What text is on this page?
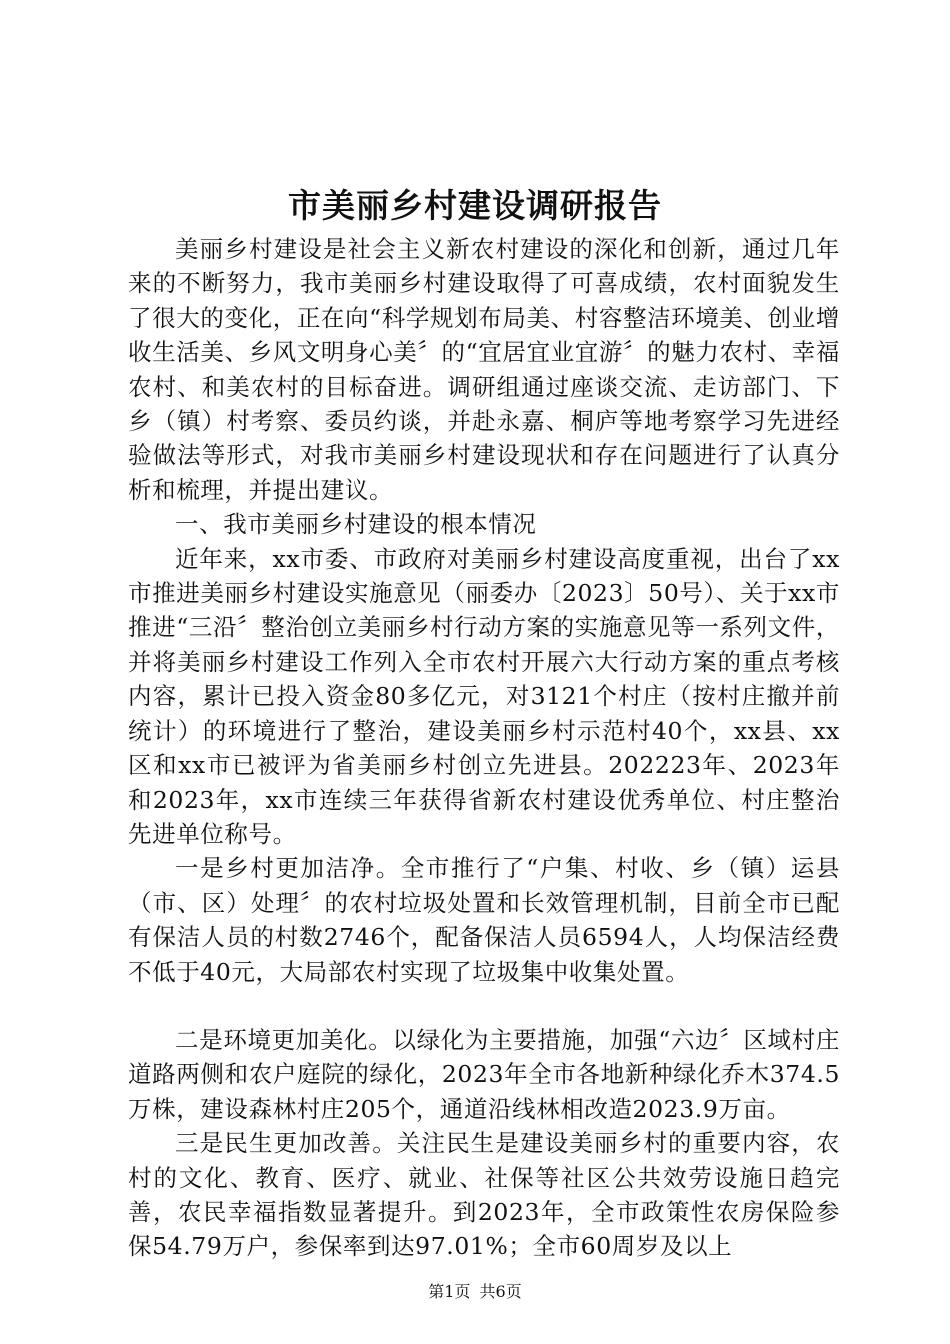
市美丽乡村建设调研报告

美丽乡村建设是社会主义新农村建设的深化和创新，通过几年来的不断努力，我市美丽乡村建设取得了可喜成绩，农村面貌发生了很大的变化，正在向“科学规划布局美、村容整洁环境美、创业增收生活美、乡风文明身心美〞的“宜居宜业宜游〞的魅力农村、幸福农村、和美农村的目标奋进。调研组通过座谈交流、走访部门、下乡（镇）村考察、委员约谈，并赴永嘉、桐庐等地考察学习先进经验做法等形式，对我市美丽乡村建设现状和存在问题进行了认真分析和梳理，并提出建议。

一、我市美丽乡村建设的根本情况

近年来，xx市委、市政府对美丽乡村建设高度重视，出台了xx市推进美丽乡村建设实施意见（丽委办〔2023〕50号）、关于xx市推进“三沿〞整治创立美丽乡村行动方案的实施意见等一系列文件，并将美丽乡村建设工作列入全市农村开展六大行动方案的重点考核内容，累计已投入资金80多亿元，对3121个村庄（按村庄撤并前统计）的环境进行了整治，建设美丽乡村示范村40个，xx县、xx区和xx市已被评为省美丽乡村创立先进县。202223年、2023年和2023年，xx市连续三年获得省新农村建设优秀单位、村庄整治先进单位称号。

一是乡村更加洁净。全市推行了“户集、村收、乡（镇）运县（市、区）处理〞的农村垃圾处置和长效管理机制，目前全市已配有保洁人员的村数2746个，配备保洁人员6594人，人均保洁经费不低于40元，大局部农村实现了垃圾集中收集处置。

二是环境更加美化。以绿化为主要措施，加强“六边〞区域村庄道路两侧和农户庭院的绿化，2023年全市各地新种绿化乔木374.5万株，建设森林村庄205个，通道沿线林相改造2023.9万亩。

三是民生更加改善。关注民生是建设美丽乡村的重要内容，农村的文化、教育、医疗、就业、社保等社区公共效劳设施日趋完善，农民幸福指数显著提升。到2023年，全市政策性农房保险参保54.79万户，参保率到达97.01%；全市60周岁及以上

第1页 共6页
